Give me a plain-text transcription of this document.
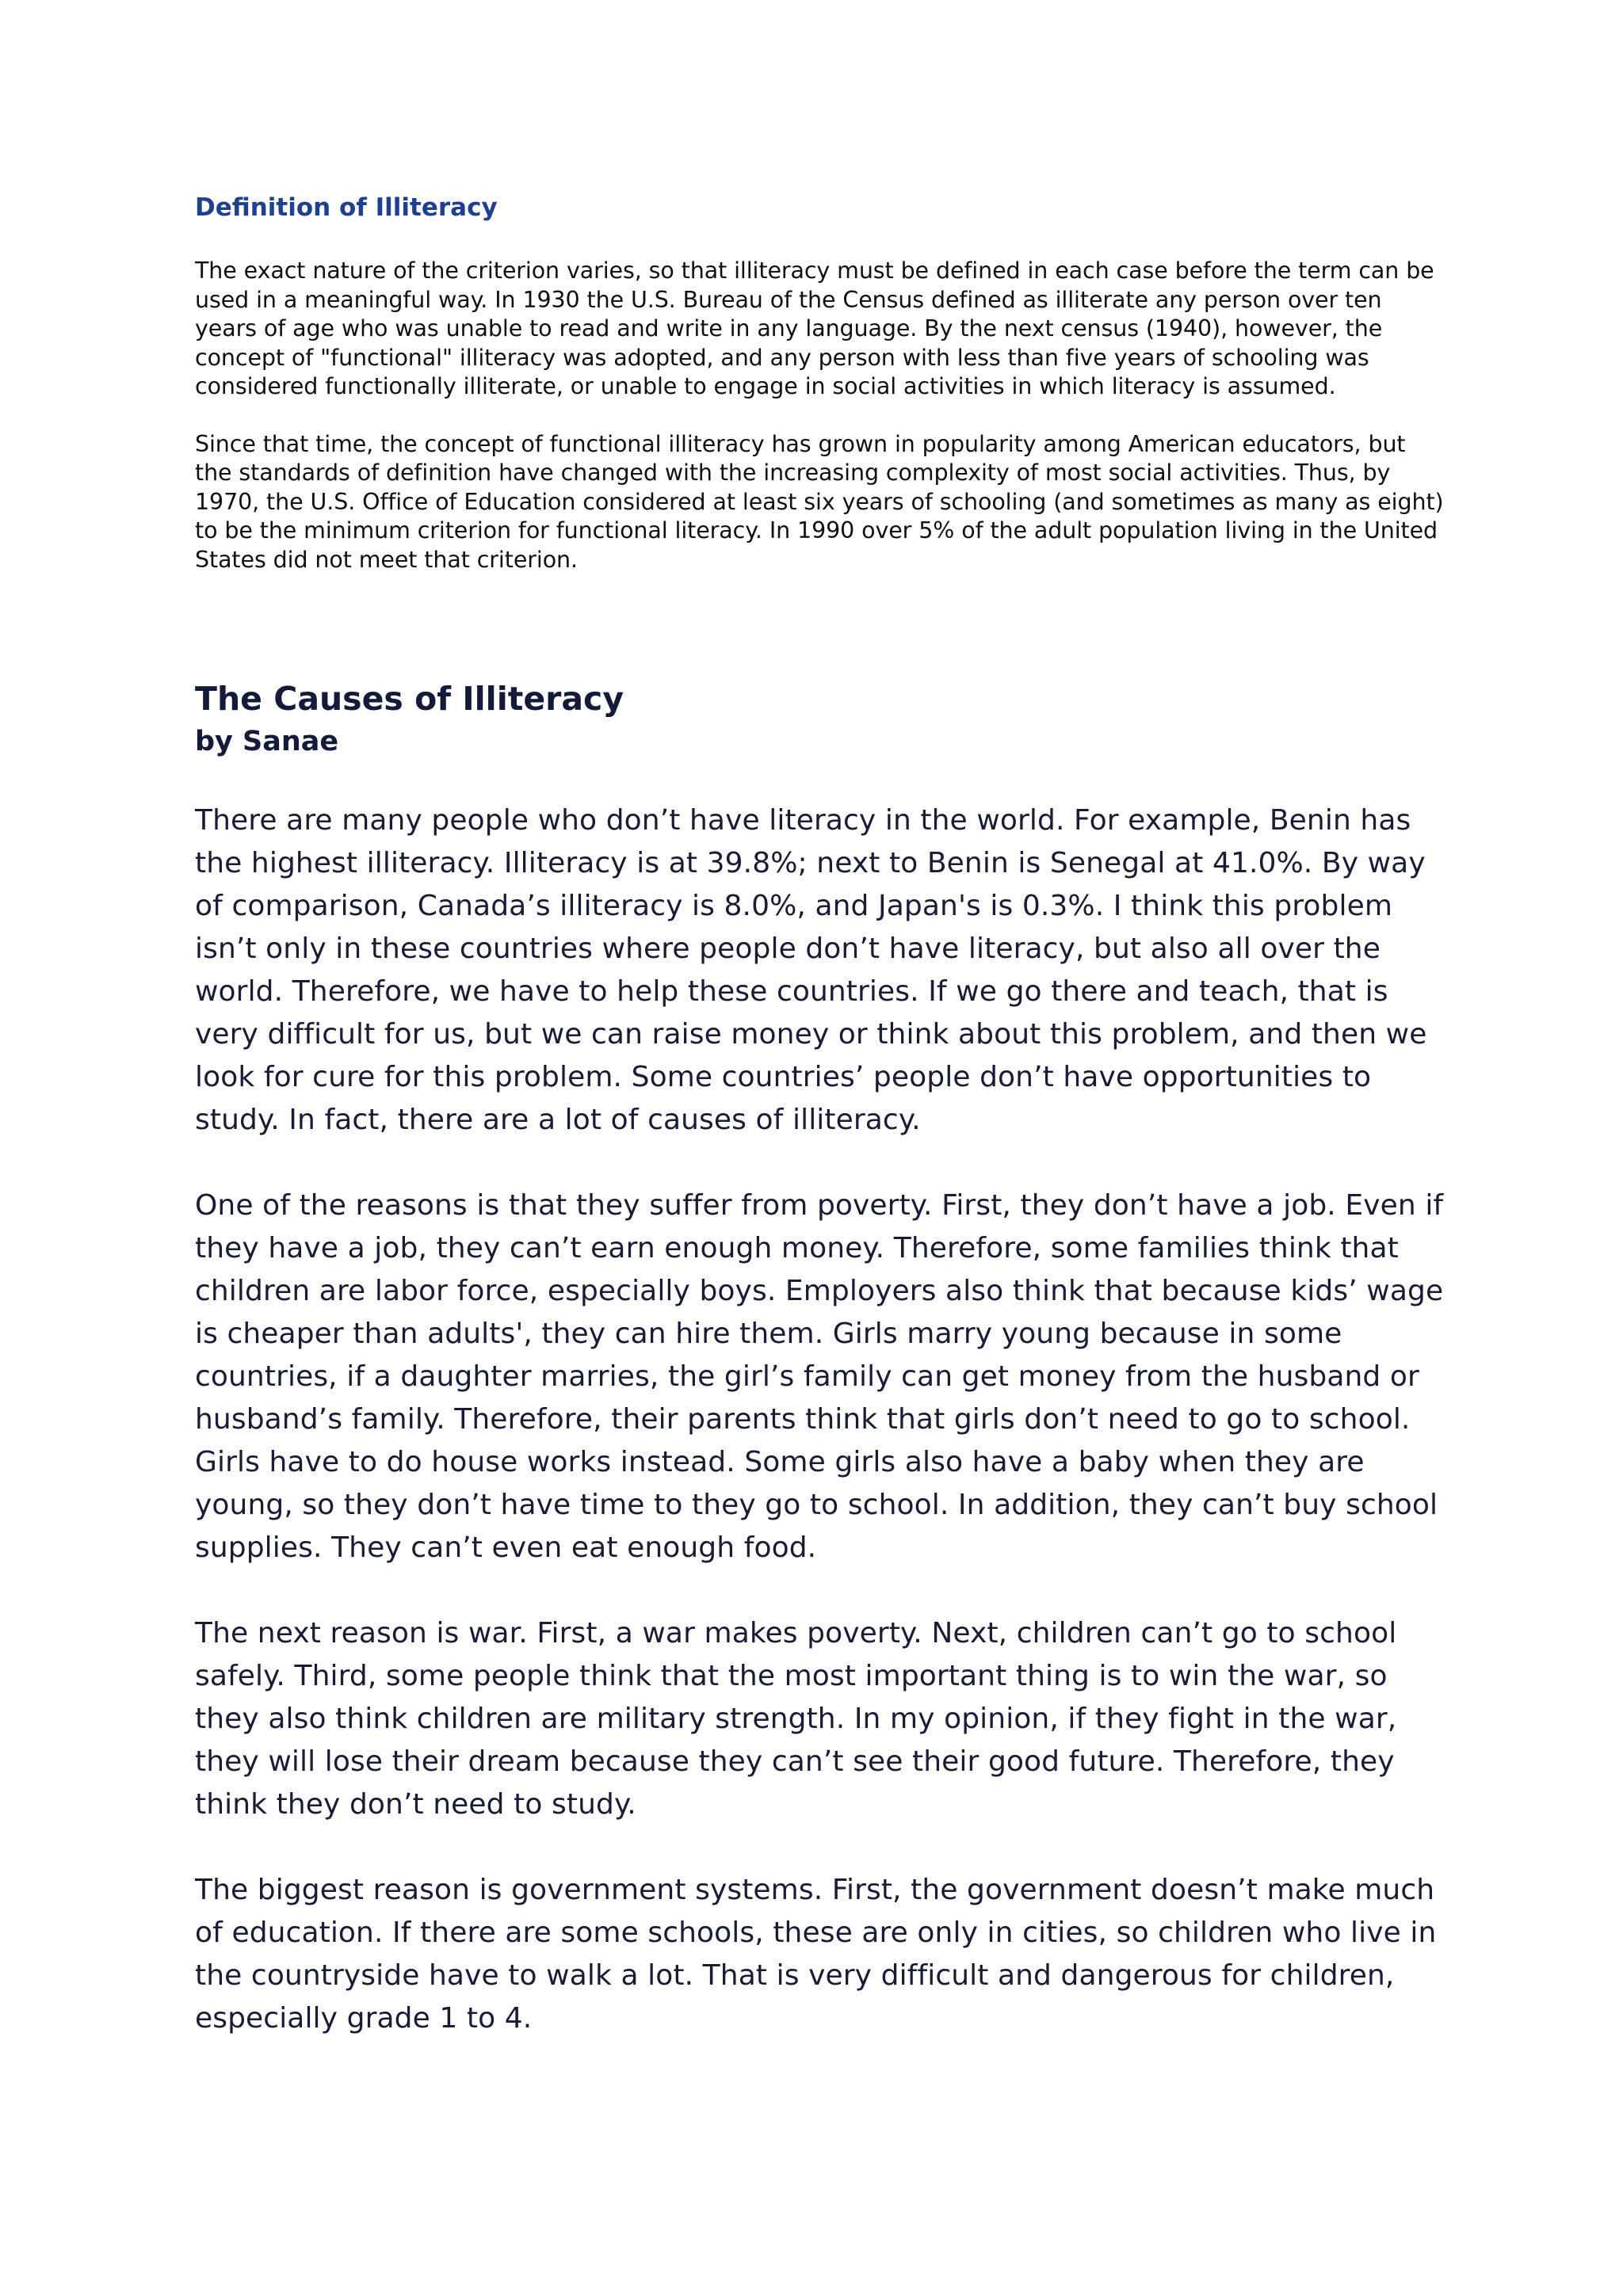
Definition of Illiteracy

The exact nature of the criterion varies, so that illiteracy must be defined in each case before the term can be used in a meaningful way. In 1930 the U.S. Bureau of the Census defined as illiterate any person over ten years of age who was unable to read and write in any language. By the next census (1940), however, the concept of "functional" illiteracy was adopted, and any person with less than five years of schooling was considered functionally illiterate, or unable to engage in social activities in which literacy is assumed.

Since that time, the concept of functional illiteracy has grown in popularity among American educators, but the standards of definition have changed with the increasing complexity of most social activities. Thus, by 1970, the U.S. Office of Education considered at least six years of schooling (and sometimes as many as eight) to be the minimum criterion for functional literacy. In 1990 over 5% of the adult population living in the United States did not meet that criterion.

The Causes of Illiteracy
by Sanae

There are many people who don’t have literacy in the world. For example, Benin has the highest illiteracy. Illiteracy is at 39.8%; next to Benin is Senegal at 41.0%. By way of comparison, Canada’s illiteracy is 8.0%, and Japan's is 0.3%. I think this problem isn’t only in these countries where people don’t have literacy, but also all over the world. Therefore, we have to help these countries. If we go there and teach, that is very difficult for us, but we can raise money or think about this problem, and then we look for cure for this problem. Some countries’ people don’t have opportunities to study. In fact, there are a lot of causes of illiteracy.

One of the reasons is that they suffer from poverty. First, they don’t have a job. Even if they have a job, they can’t earn enough money. Therefore, some families think that children are labor force, especially boys. Employers also think that because kids’ wage is cheaper than adults', they can hire them. Girls marry young because in some countries, if a daughter marries, the girl’s family can get money from the husband or husband’s family. Therefore, their parents think that girls don’t need to go to school. Girls have to do house works instead. Some girls also have a baby when they are young, so they don’t have time to they go to school. In addition, they can’t buy school supplies. They can’t even eat enough food.

The next reason is war. First, a war makes poverty. Next, children can’t go to school safely. Third, some people think that the most important thing is to win the war, so they also think children are military strength. In my opinion, if they fight in the war, they will lose their dream because they can’t see their good future. Therefore, they think they don’t need to study.

The biggest reason is government systems. First, the government doesn’t make much of education. If there are some schools, these are only in cities, so children who live in the countryside have to walk a lot. That is very difficult and dangerous for children, especially grade 1 to 4.
